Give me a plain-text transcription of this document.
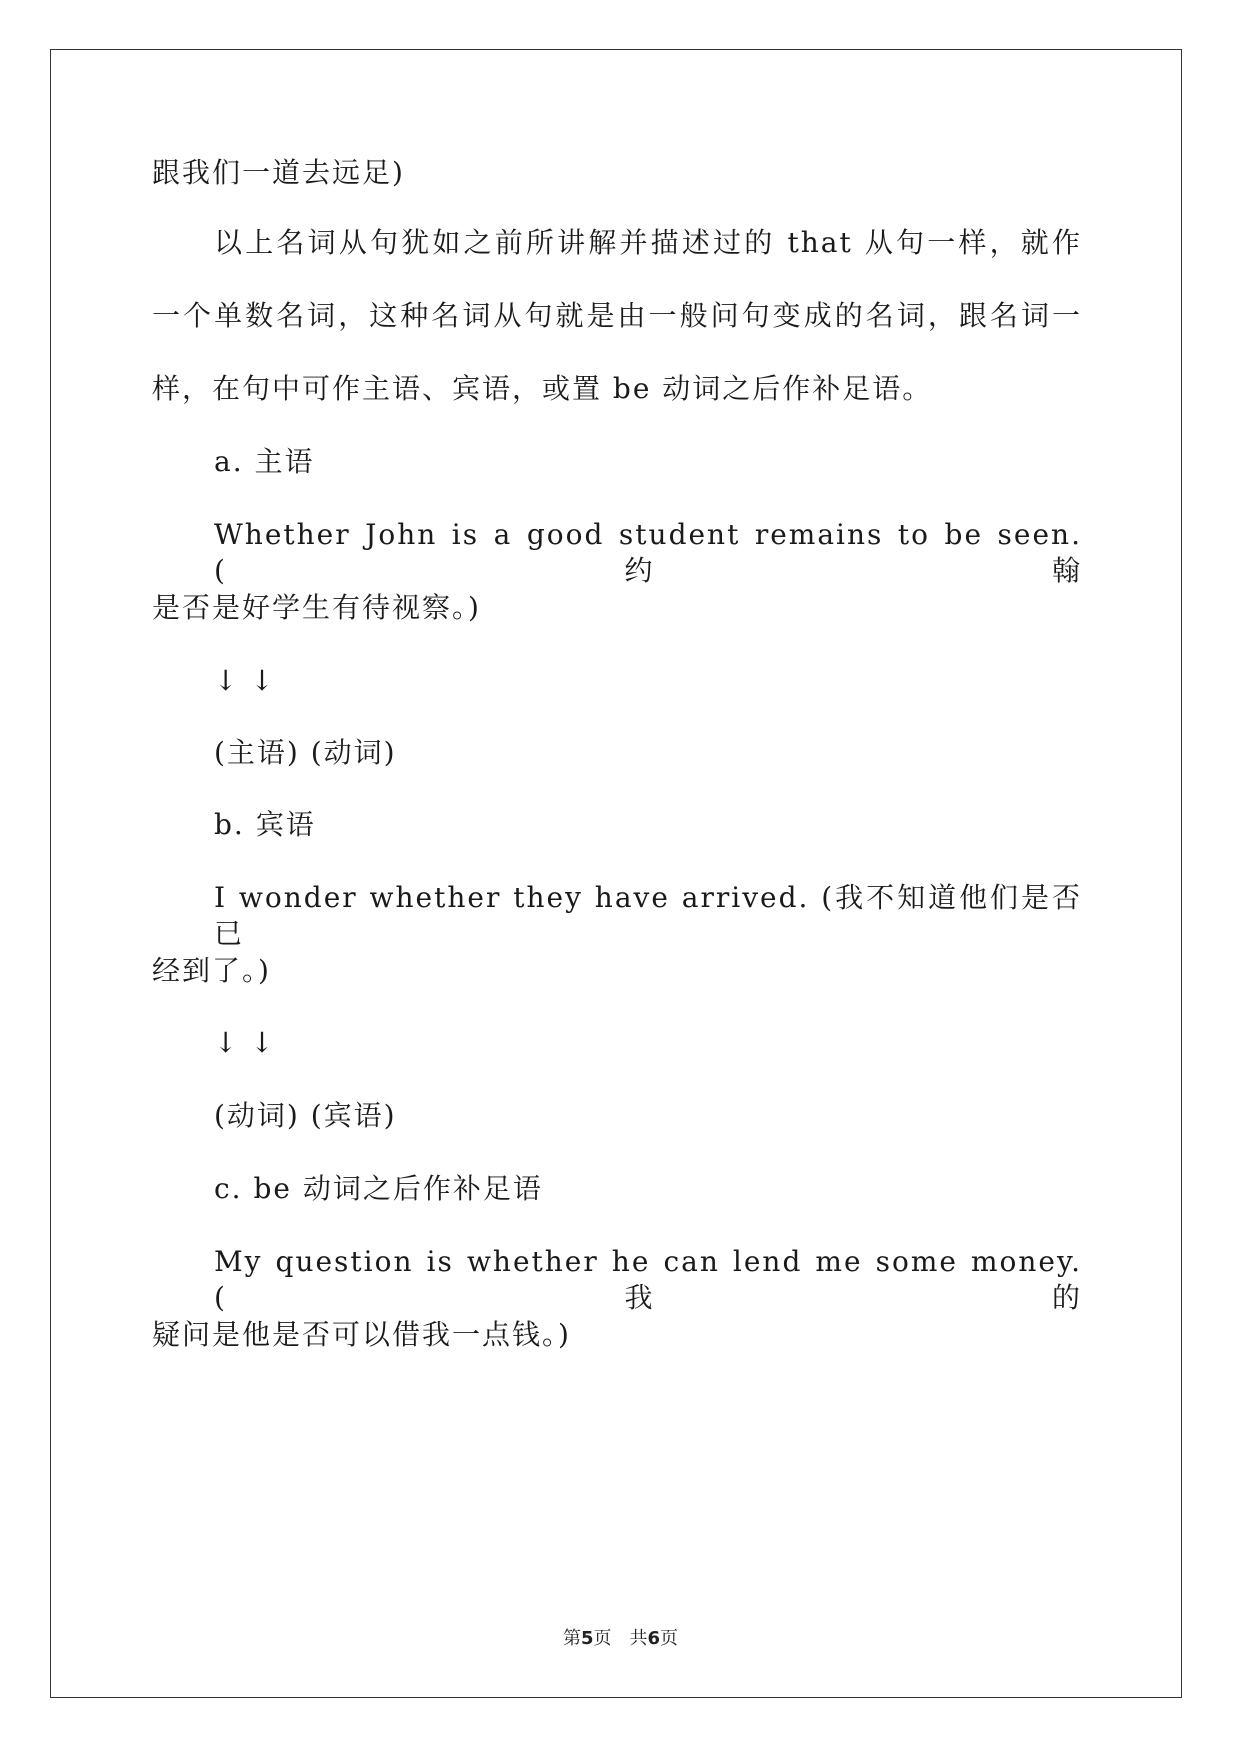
跟我们一道去远足)
以上名词从句犹如之前所讲解并描述过的 that 从句一样，就作
一个单数名词，这种名词从句就是由一般问句变成的名词，跟名词一
样，在句中可作主语、宾语，或置 be 动词之后作补足语。
a. 主语
Whether John is a good student remains to be seen.(约翰
是否是好学生有待视察。)
↓ ↓
(主语) (动词)
b. 宾语
I wonder whether they have arrived. (我不知道他们是否已
经到了。)
↓ ↓
(动词) (宾语)
c. be 动词之后作补足语
My question is whether he can lend me some money. (我的
疑问是他是否可以借我一点钱。)
第5页 共6页
